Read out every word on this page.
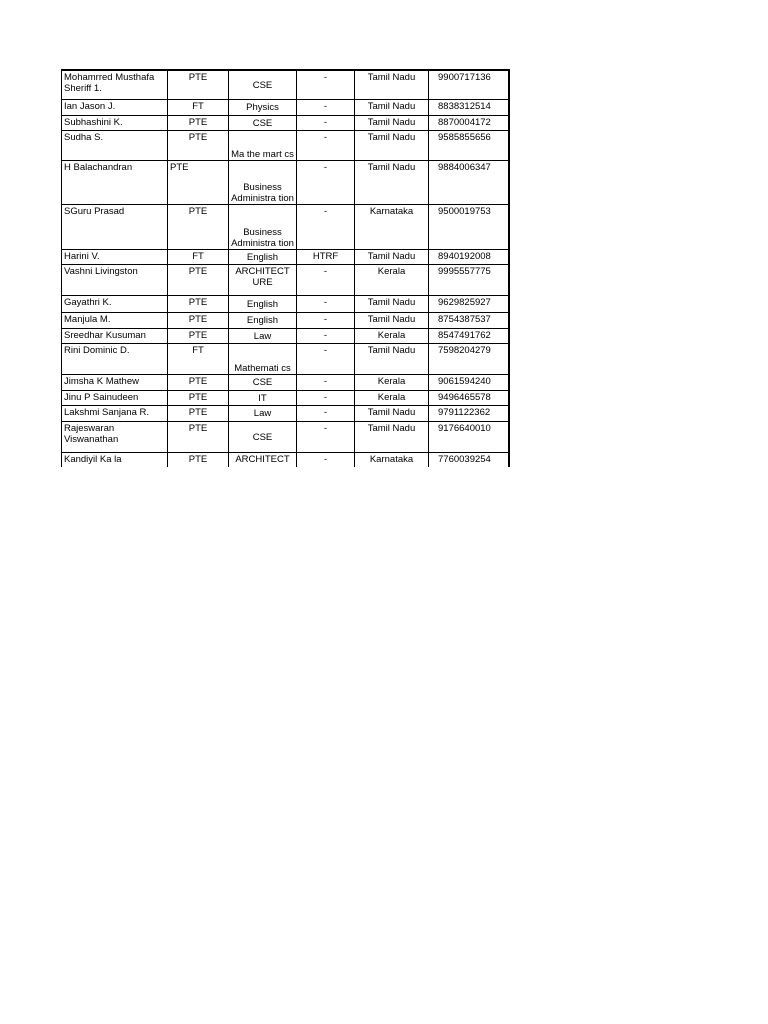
Mohamrred Musthafa Sheriff 1.	PTE	CSE	-	Tamil Nadu	9900717136
Ian Jason J.	FT	Physics	-	Tamil Nadu	8838312514
Subhashini K.	PTE	CSE	-	Tamil Nadu	8870004172
Sudha S.	PTE	Ma the mart cs	-	Tamil Nadu	9585855656
H Balachandran	PTE	Business Administra tion	-	Tamil Nadu	9884006347
SGuru Prasad	PTE	Business Administra tion	-	Karnataka	9500019753
Harini V.	FT	English	HTRF	Tamil Nadu	8940192008
Vashni Livingston	PTE	ARCHITECT URE	-	Kerala	9995557775
Gayathri K.	PTE	English	-	Tamil Nadu	9629825927
Manjula M.	PTE	English	-	Tamil Nadu	8754387537
Sreedhar Kusuman	PTE	Law	-	Kerala	8547491762
Rini Dominic D.	FT	Mathemati cs	-	Tamil Nadu	7598204279
Jimsha K Mathew	PTE	CSE	-	Kerala	9061594240
Jinu P Sainudeen	PTE	IT	-	Kerala	9496465578
Lakshmi Sanjana R.	PTE	Law	-	Tamil Nadu	9791122362
Rajeswaran Viswanathan	PTE	CSE	-	Tamil Nadu	9176640010
Kandiyil Ka la	PTE	ARCHITECT	-	Karnataka	7760039254
